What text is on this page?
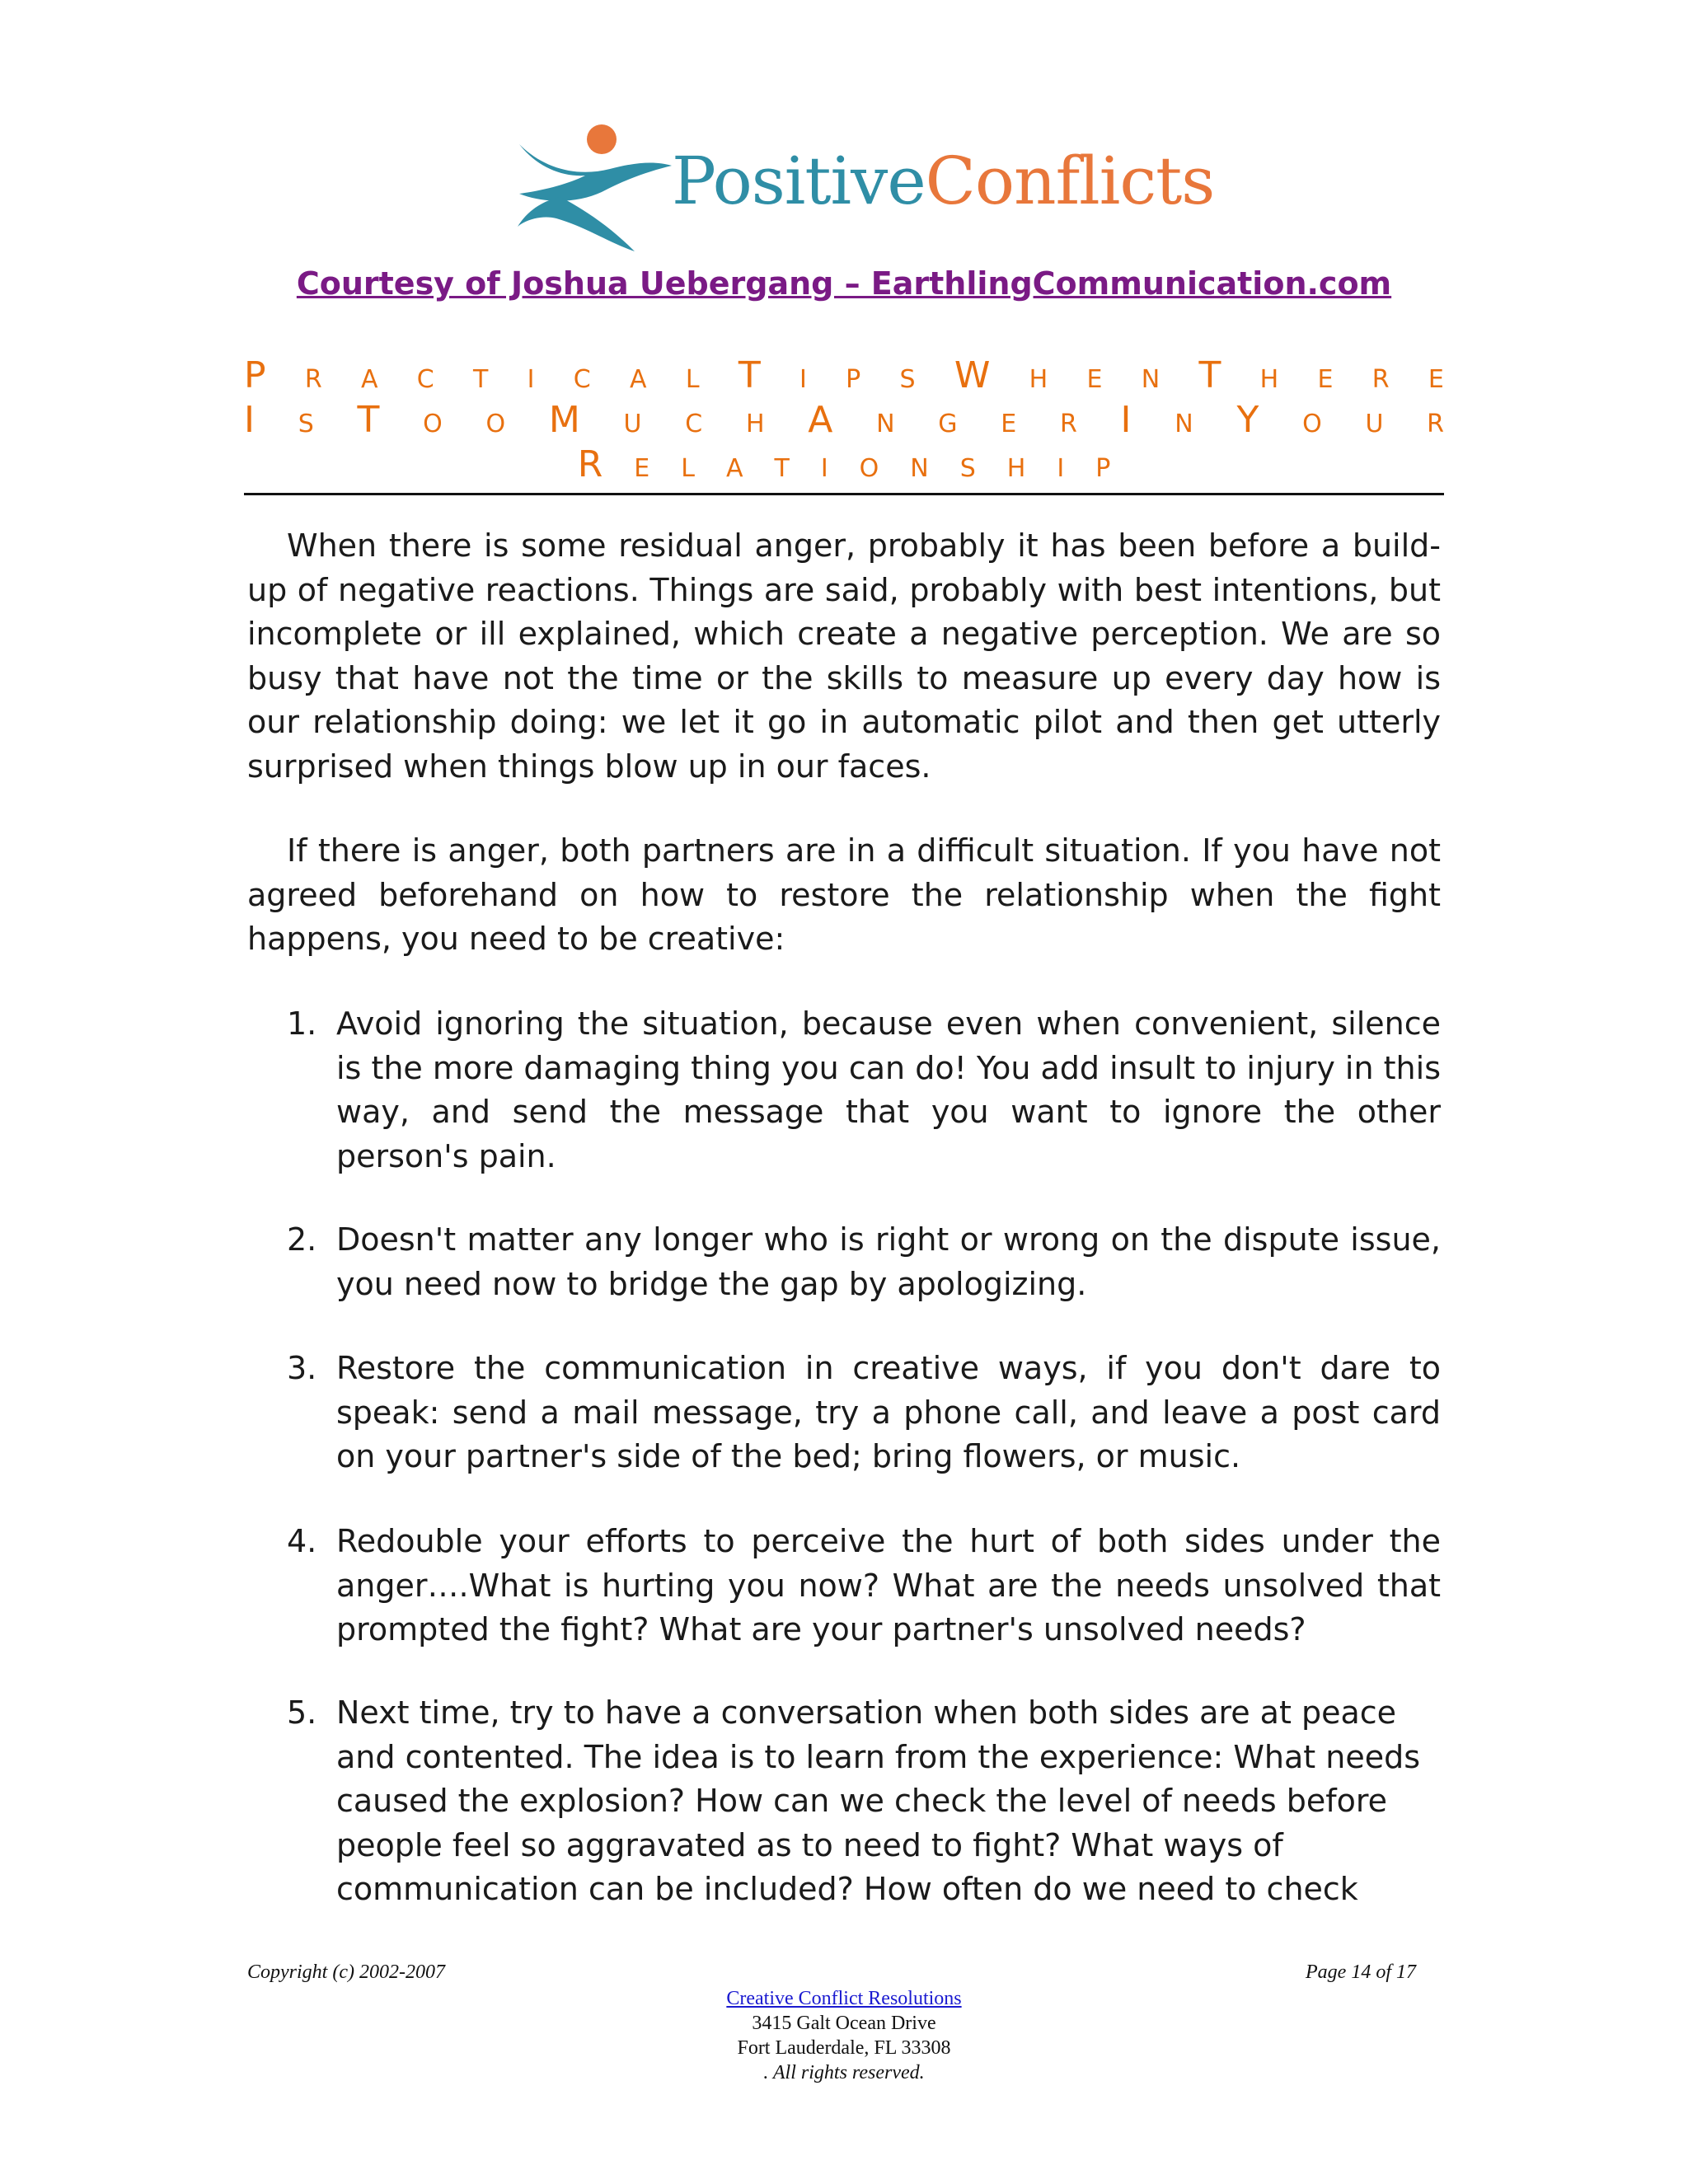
PositiveConflicts
Courtesy of Joshua Uebergang – EarthlingCommunication.com
P R A C T I C A L T I P S W H E N T H E R E
I S T O O M U C H A N G E R I N Y O U R
R E L A T I O N S H I P
When there is some residual anger, probably it has been before a build-up of negative reactions. Things are said, probably with best intentions, but incomplete or ill explained, which create a negative perception. We are so busy that have not the time or the skills to measure up every day how is our relationship doing: we let it go in automatic pilot and then get utterly surprised when things blow up in our faces.
If there is anger, both partners are in a difficult situation. If you have not agreed beforehand on how to restore the relationship when the fight happens, you need to be creative:
1. Avoid ignoring the situation, because even when convenient, silence is the more damaging thing you can do! You add insult to injury in this way, and send the message that you want to ignore the other person's pain.
2. Doesn't matter any longer who is right or wrong on the dispute issue, you need now to bridge the gap by apologizing.
3. Restore the communication in creative ways, if you don't dare to speak: send a mail message, try a phone call, and leave a post card on your partner's side of the bed; bring flowers, or music.
4. Redouble your efforts to perceive the hurt of both sides under the anger….What is hurting you now? What are the needs unsolved that prompted the fight? What are your partner's unsolved needs?
5. Next time, try to have a conversation when both sides are at peace and contented. The idea is to learn from the experience: What needs caused the explosion? How can we check the level of needs before people feel so aggravated as to need to fight? What ways of communication can be included? How often do we need to check
Copyright (c) 2002-2007	Page 14 of 17
Creative Conflict Resolutions
3415 Galt Ocean Drive
Fort Lauderdale, FL 33308
. All rights reserved.
